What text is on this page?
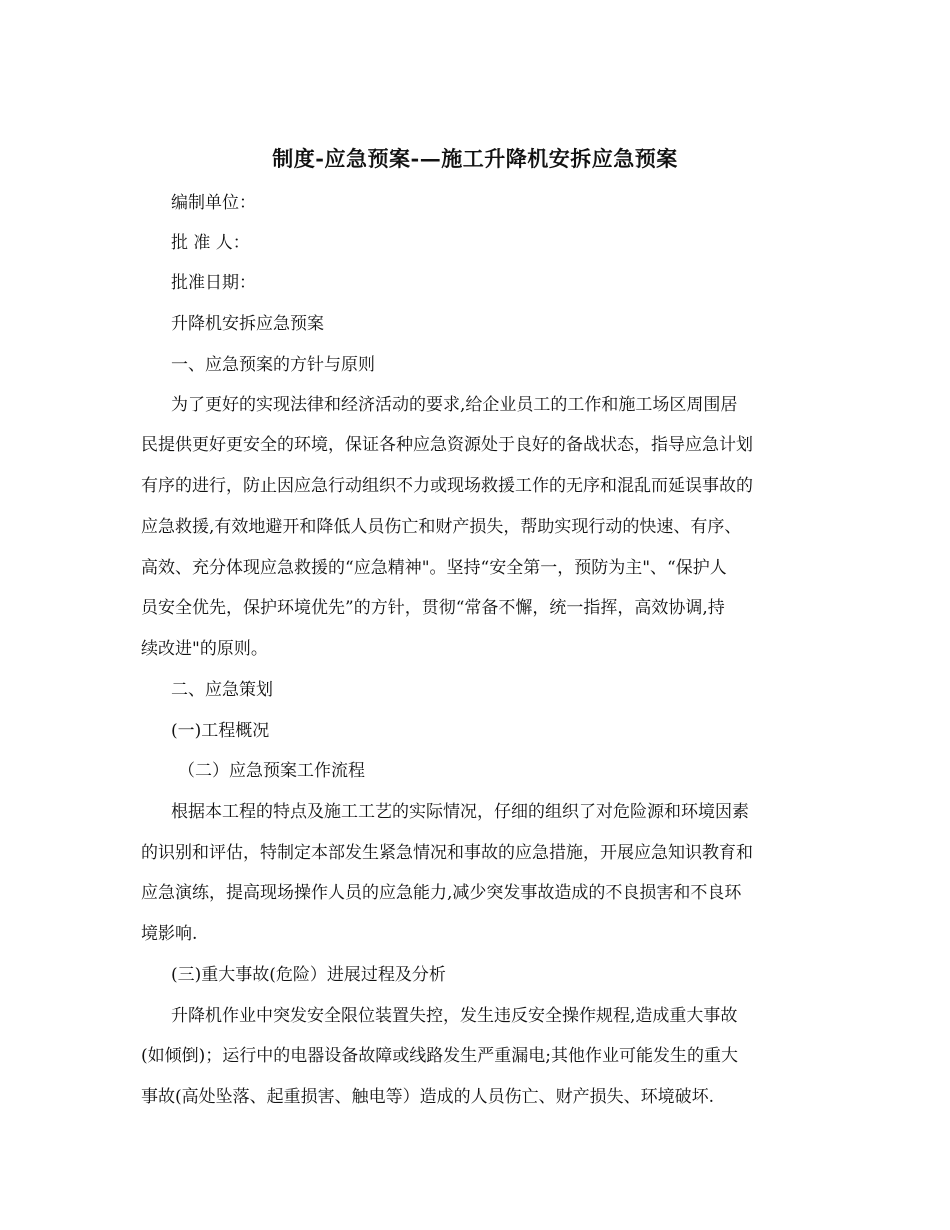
制度-应急预案-—施工升降机安拆应急预案

编制单位：

批 准 人：

批准日期：

升降机安拆应急预案

一、应急预案的方针与原则

为了更好的实现法律和经济活动的要求,给企业员工的工作和施工场区周围居

民提供更好更安全的环境，保证各种应急资源处于良好的备战状态，指导应急计划

有序的进行，防止因应急行动组织不力或现场救援工作的无序和混乱而延误事故的

应急救援,有效地避开和降低人员伤亡和财产损失，帮助实现行动的快速、有序、

高效、充分体现应急救援的“应急精神"。坚持“安全第一，预防为主"、“保护人

员安全优先，保护环境优先”的方针，贯彻“常备不懈，统一指挥，高效协调,持

续改进"的原则。

二、应急策划

(一)工程概况

（二）应急预案工作流程

根据本工程的特点及施工工艺的实际情况，仔细的组织了对危险源和环境因素

的识别和评估，特制定本部发生紧急情况和事故的应急措施，开展应急知识教育和

应急演练，提高现场操作人员的应急能力,减少突发事故造成的不良损害和不良环

境影响.

(三)重大事故(危险）进展过程及分析

升降机作业中突发安全限位装置失控，发生违反安全操作规程,造成重大事故

(如倾倒)；运行中的电器设备故障或线路发生严重漏电;其他作业可能发生的重大

事故(高处坠落、起重损害、触电等）造成的人员伤亡、财产损失、环境破坏.
